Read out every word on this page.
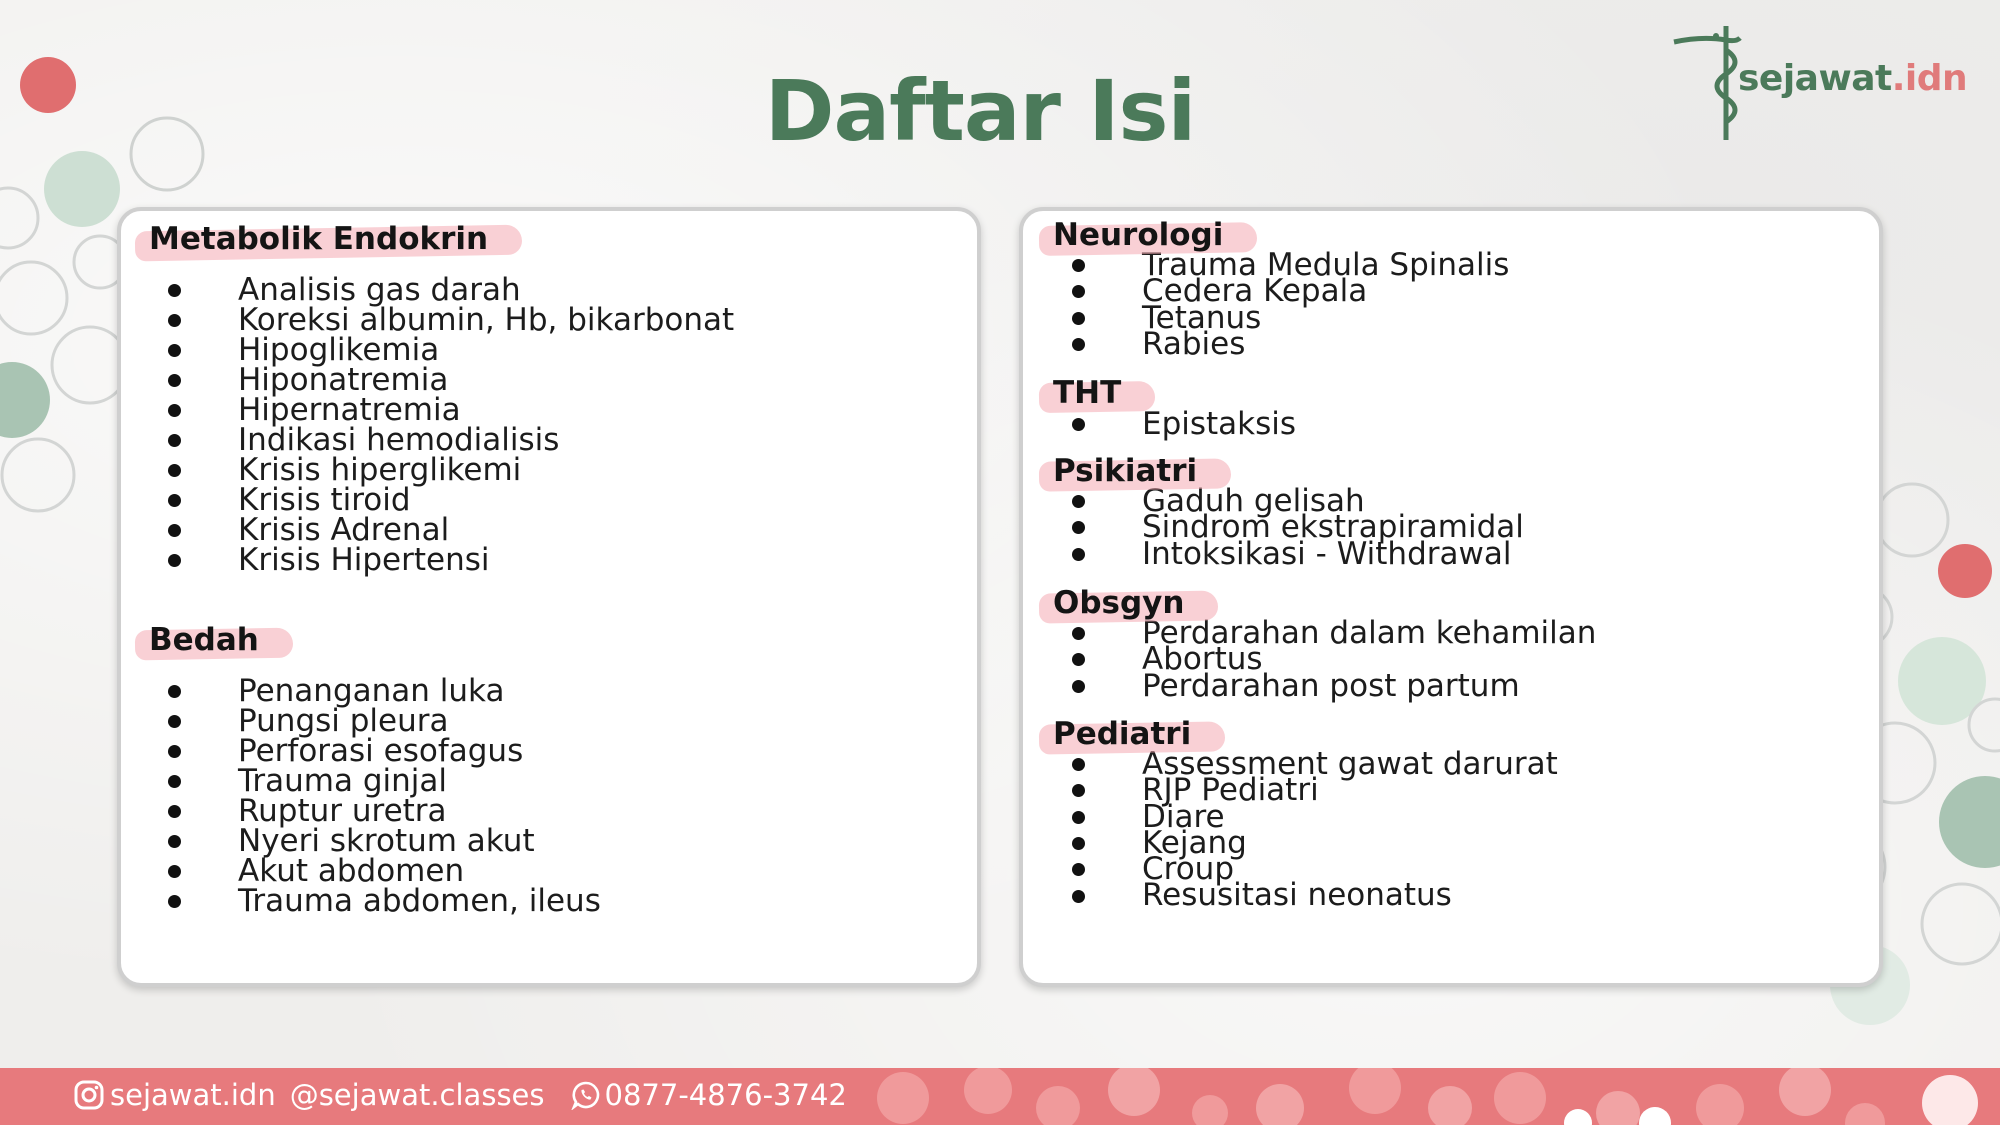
Daftar Isi	sejawat.idn
Metabolik Endokrin
Analisis gas darah
Koreksi albumin, Hb, bikarbonat
Hipoglikemia
Hiponatremia
Hipernatremia
Indikasi hemodialisis
Krisis hiperglikemi
Krisis tiroid
Krisis Adrenal
Krisis Hipertensi
Bedah
Penanganan luka
Pungsi pleura
Perforasi esofagus
Trauma ginjal
Ruptur uretra
Nyeri skrotum akut
Akut abdomen
Trauma abdomen, ileus
Neurologi
Trauma Medula Spinalis
Cedera Kepala
Tetanus
Rabies
THT
Epistaksis
Psikiatri
Gaduh gelisah
Sindrom ekstrapiramidal
Intoksikasi - Withdrawal
Obsgyn
Perdarahan dalam kehamilan
Abortus
Perdarahan post partum
Pediatri
Assessment gawat darurat
RJP Pediatri
Diare
Kejang
Croup
Resusitasi neonatus
sejawat.idn @sejawat.classes 0877-4876-3742
